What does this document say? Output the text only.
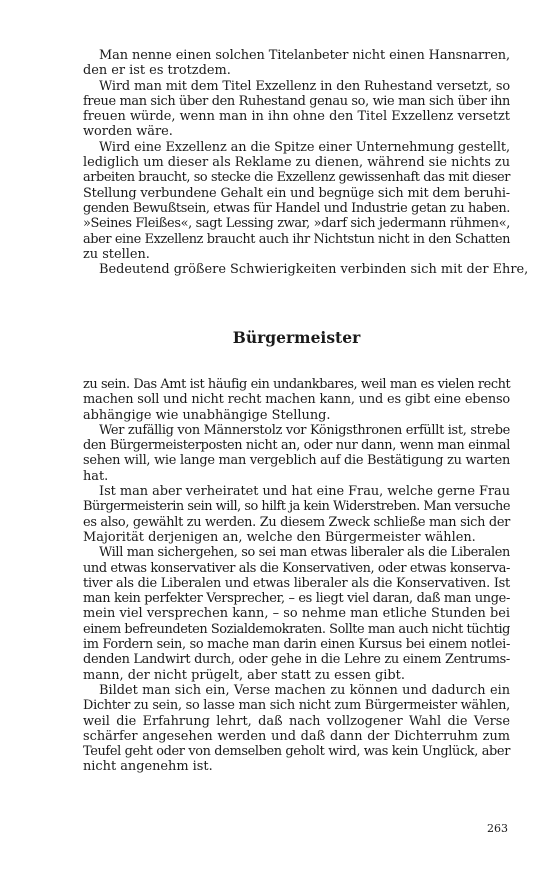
Man nenne einen solchen Titelanbeter nicht einen Hansnarren,
den er ist es trotzdem.

Wird man mit dem Titel Exzellenz in den Ruhestand versetzt, so
freue man sich über den Ruhestand genau so, wie man sich über ihn
freuen würde, wenn man in ihn ohne den Titel Exzellenz versetzt
worden wäre.

Wird eine Exzellenz an die Spitze einer Unternehmung gestellt,
lediglich um dieser als Reklame zu dienen, während sie nichts zu
arbeiten braucht, so stecke die Exzellenz gewissenhaft das mit dieser
Stellung verbundene Gehalt ein und begnüge sich mit dem beruhi-
genden Bewußtsein, etwas für Handel und Industrie getan zu haben.
»Seines Fleißes«, sagt Lessing zwar, »darf sich jedermann rühmen«,
aber eine Exzellenz braucht auch ihr Nichtstun nicht in den Schatten
zu stellen.

Bedeutend größere Schwierigkeiten verbinden sich mit der Ehre,

Bürgermeister

zu sein. Das Amt ist häufig ein undankbares, weil man es vielen recht
machen soll und nicht recht machen kann, und es gibt eine ebenso
abhängige wie unabhängige Stellung.

Wer zufällig von Männerstolz vor Königsthronen erfüllt ist, strebe
den Bürgermeisterposten nicht an, oder nur dann, wenn man einmal
sehen will, wie lange man vergeblich auf die Bestätigung zu warten
hat.

Ist man aber verheiratet und hat eine Frau, welche gerne Frau
Bürgermeisterin sein will, so hilft ja kein Widerstreben. Man versuche
es also, gewählt zu werden. Zu diesem Zweck schließe man sich der
Majorität derjenigen an, welche den Bürgermeister wählen.

Will man sichergehen, so sei man etwas liberaler als die Liberalen
und etwas konservativer als die Konservativen, oder etwas konserva-
tiver als die Liberalen und etwas liberaler als die Konservativen. Ist
man kein perfekter Versprecher, – es liegt viel daran, daß man unge-
mein viel versprechen kann, – so nehme man etliche Stunden bei
einem befreundeten Sozialdemokraten. Sollte man auch nicht tüchtig
im Fordern sein, so mache man darin einen Kursus bei einem notlei-
denden Landwirt durch, oder gehe in die Lehre zu einem Zentrums-
mann, der nicht prügelt, aber statt zu essen gibt.

Bildet man sich ein, Verse machen zu können und dadurch ein
Dichter zu sein, so lasse man sich nicht zum Bürgermeister wählen,
weil die Erfahrung lehrt, daß nach vollzogener Wahl die Verse
schärfer angesehen werden und daß dann der Dichterruhm zum
Teufel geht oder von demselben geholt wird, was kein Unglück, aber
nicht angenehm ist.

263
